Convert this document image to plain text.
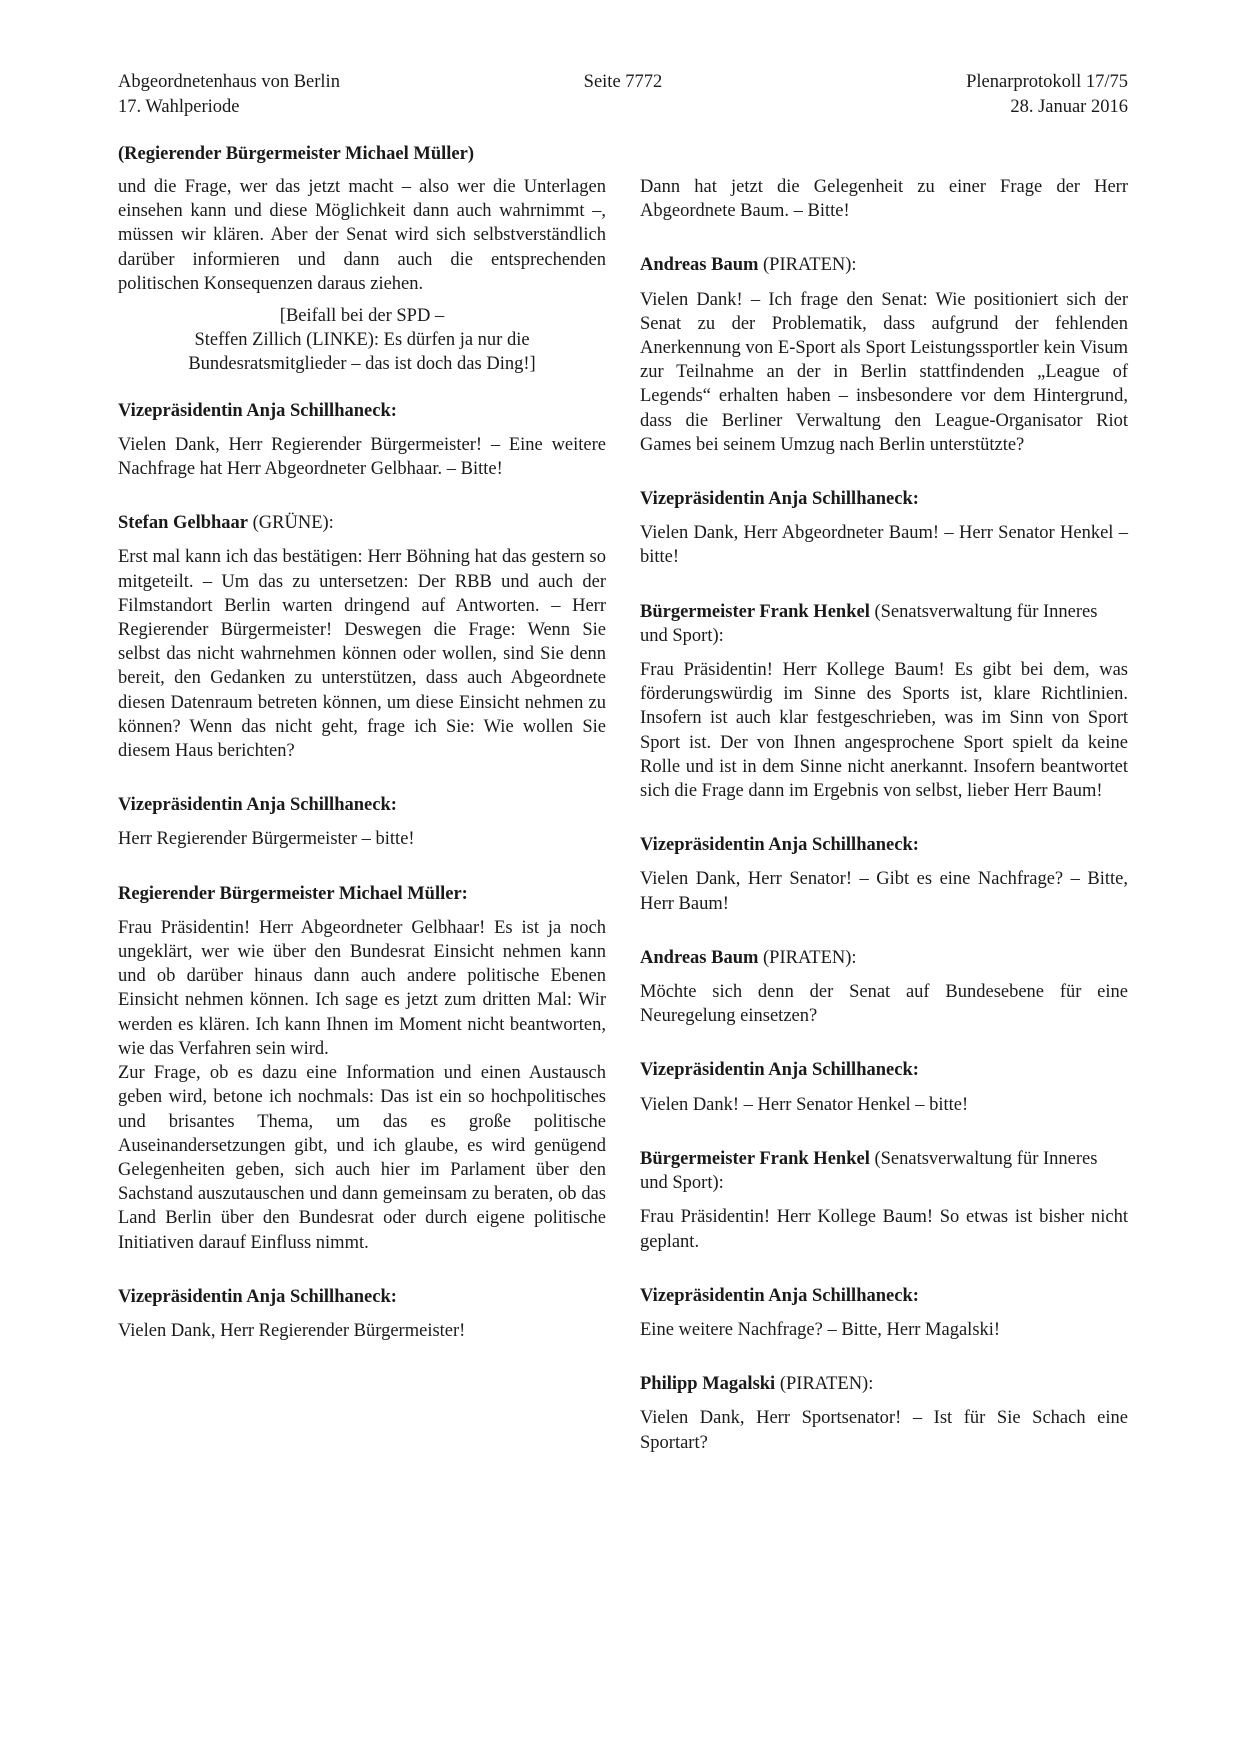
Abgeordnetenhaus von Berlin
17. Wahlperiode
Seite 7772	Plenarprotokoll 17/75
28. Januar 2016
(Regierender Bürgermeister Michael Müller)

und die Frage, wer das jetzt macht – also wer die Unterlagen einsehen kann und diese Möglichkeit dann auch wahrnimmt –, müssen wir klären. Aber der Senat wird sich selbstverständlich darüber informieren und dann auch die entsprechenden politischen Konsequenzen daraus ziehen.

[Beifall bei der SPD –
Steffen Zillich (LINKE): Es dürfen ja nur die
Bundesratsmitglieder – das ist doch das Ding!]
Vizepräsidentin Anja Schillhaneck:

Vielen Dank, Herr Regierender Bürgermeister! – Eine weitere Nachfrage hat Herr Abgeordneter Gelbhaar. – Bitte!

Stefan Gelbhaar (GRÜNE):

Erst mal kann ich das bestätigen: Herr Böhning hat das gestern so mitgeteilt. – Um das zu untersetzen: Der RBB und auch der Filmstandort Berlin warten dringend auf Antworten. – Herr Regierender Bürgermeister! Deswegen die Frage: Wenn Sie selbst das nicht wahrnehmen können oder wollen, sind Sie denn bereit, den Gedanken zu unterstützen, dass auch Abgeordnete diesen Datenraum betreten können, um diese Einsicht nehmen zu können? Wenn das nicht geht, frage ich Sie: Wie wollen Sie diesem Haus berichten?

Vizepräsidentin Anja Schillhaneck:

Herr Regierender Bürgermeister – bitte!

Regierender Bürgermeister Michael Müller:

Frau Präsidentin! Herr Abgeordneter Gelbhaar! Es ist ja noch ungeklärt, wer wie über den Bundesrat Einsicht nehmen kann und ob darüber hinaus dann auch andere politische Ebenen Einsicht nehmen können. Ich sage es jetzt zum dritten Mal: Wir werden es klären. Ich kann Ihnen im Moment nicht beantworten, wie das Verfahren sein wird.

Zur Frage, ob es dazu eine Information und einen Austausch geben wird, betone ich nochmals: Das ist ein so hochpolitisches und brisantes Thema, um das es große politische Auseinandersetzungen gibt, und ich glaube, es wird genügend Gelegenheiten geben, sich auch hier im Parlament über den Sachstand auszutauschen und dann gemeinsam zu beraten, ob das Land Berlin über den Bundesrat oder durch eigene politische Initiativen darauf Einfluss nimmt.

Vizepräsidentin Anja Schillhaneck:

Vielen Dank, Herr Regierender Bürgermeister!

Dann hat jetzt die Gelegenheit zu einer Frage der Herr Abgeordnete Baum. – Bitte!

Andreas Baum (PIRATEN):

Vielen Dank! – Ich frage den Senat: Wie positioniert sich der Senat zu der Problematik, dass aufgrund der fehlenden Anerkennung von E-Sport als Sport Leistungssportler kein Visum zur Teilnahme an der in Berlin stattfindenden „League of Legends“ erhalten haben – insbesondere vor dem Hintergrund, dass die Berliner Verwaltung den League-Organisator Riot Games bei seinem Umzug nach Berlin unterstützte?

Vizepräsidentin Anja Schillhaneck:

Vielen Dank, Herr Abgeordneter Baum! – Herr Senator Henkel – bitte!

Bürgermeister Frank Henkel (Senatsverwaltung für Inneres und Sport):

Frau Präsidentin! Herr Kollege Baum! Es gibt bei dem, was förderungswürdig im Sinne des Sports ist, klare Richtlinien. Insofern ist auch klar festgeschrieben, was im Sinn von Sport Sport ist. Der von Ihnen angesprochene Sport spielt da keine Rolle und ist in dem Sinne nicht anerkannt. Insofern beantwortet sich die Frage dann im Ergebnis von selbst, lieber Herr Baum!

Vizepräsidentin Anja Schillhaneck:

Vielen Dank, Herr Senator! – Gibt es eine Nachfrage? – Bitte, Herr Baum!

Andreas Baum (PIRATEN):

Möchte sich denn der Senat auf Bundesebene für eine Neuregelung einsetzen?

Vizepräsidentin Anja Schillhaneck:

Vielen Dank! – Herr Senator Henkel – bitte!

Bürgermeister Frank Henkel (Senatsverwaltung für Inneres und Sport):

Frau Präsidentin! Herr Kollege Baum! So etwas ist bisher nicht geplant.

Vizepräsidentin Anja Schillhaneck:

Eine weitere Nachfrage? – Bitte, Herr Magalski!

Philipp Magalski (PIRATEN):

Vielen Dank, Herr Sportsenator! – Ist für Sie Schach eine Sportart?
